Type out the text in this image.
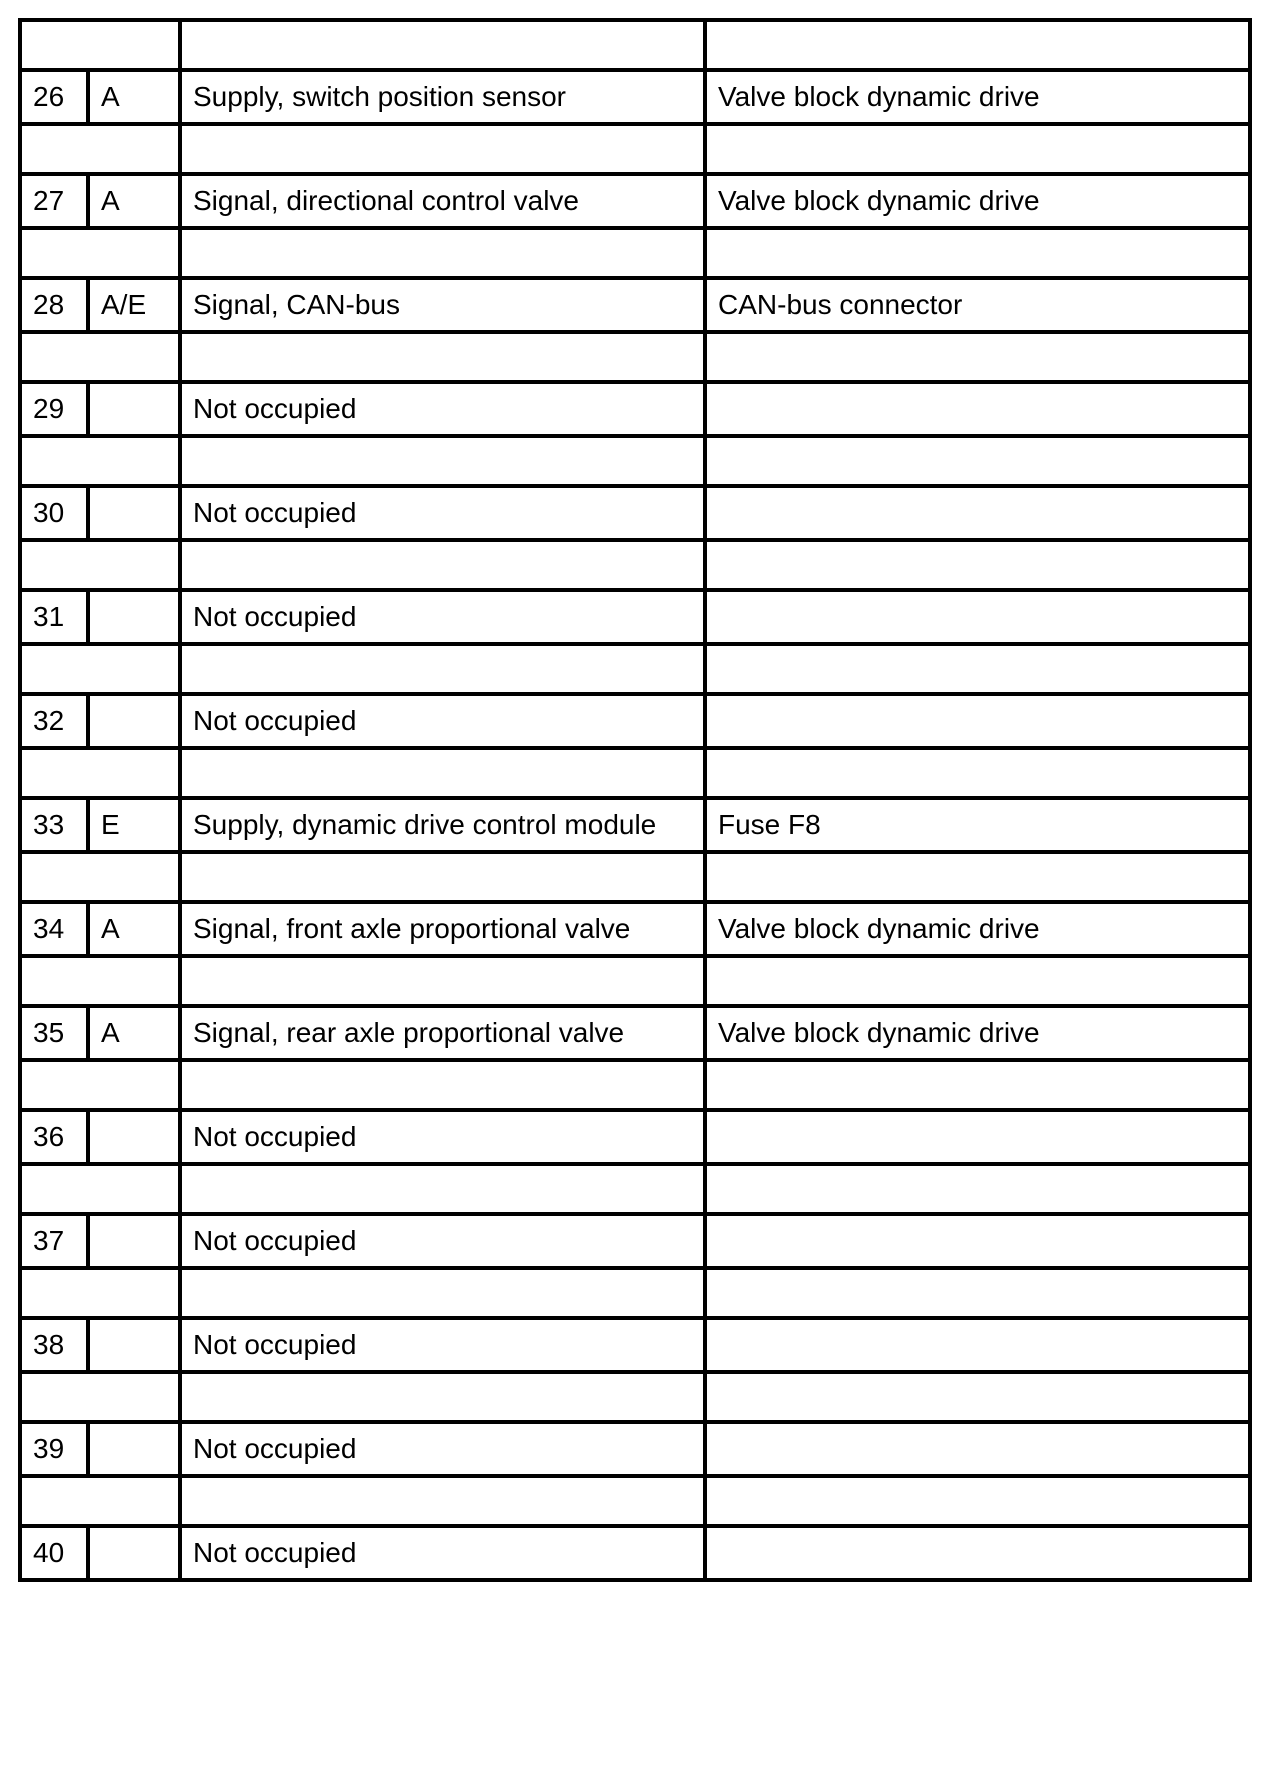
26	A	Supply, switch position sensor	Valve block dynamic drive

27	A	Signal, directional control valve	Valve block dynamic drive

28	A/E	Signal, CAN-bus	CAN-bus connector

29		Not occupied	

30		Not occupied	

31		Not occupied	

32		Not occupied	

33	E	Supply, dynamic drive control module	Fuse F8

34	A	Signal, front axle proportional valve	Valve block dynamic drive

35	A	Signal, rear axle proportional valve	Valve block dynamic drive

36		Not occupied	

37		Not occupied	

38		Not occupied	

39		Not occupied	

40		Not occupied	
